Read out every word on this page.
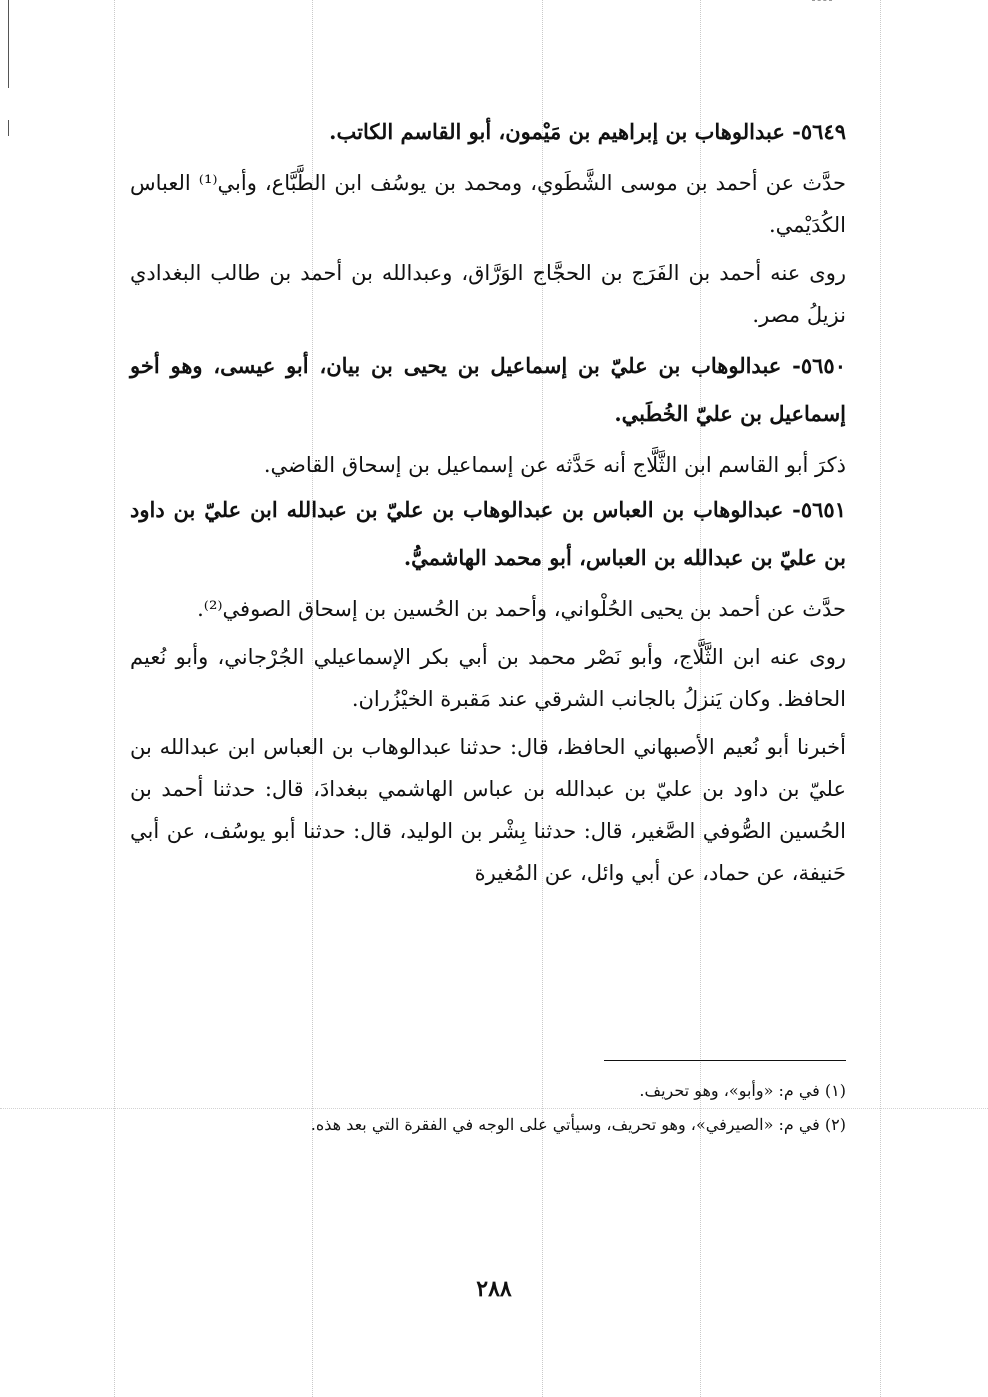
٥٦٤٩- عبدالوهاب بن إبراهيم بن مَيْمون، أبو القاسم الكاتب.

حدَّث عن أحمد بن موسى الشَّطَوي، ومحمد بن يوسُف ابن الطَّبَّاع، وأبي⁽¹⁾ العباس الكُدَيْمي.

روى عنه أحمد بن الفَرَج بن الحجَّاج الوَرَّاق، وعبدالله بن أحمد بن طالب البغدادي نزيلُ مصر.

٥٦٥٠- عبدالوهاب بن عليّ بن إسماعيل بن يحيى بن بيان، أبو عيسى، وهو أخو إسماعيل بن عليّ الخُطَبي.

ذكرَ أبو القاسم ابن الثَّلَّاج أنه حَدَّثه عن إسماعيل بن إسحاق القاضي.

٥٦٥١- عبدالوهاب بن العباس بن عبدالوهاب بن عليّ بن عبدالله ابن عليّ بن داود بن عليّ بن عبدالله بن العباس، أبو محمد الهاشميُّ.

حدَّث عن أحمد بن يحيى الحُلْواني، وأحمد بن الحُسين بن إسحاق الصوفي⁽²⁾.

روى عنه ابن الثَّلَّاج، وأبو نَصْر محمد بن أبي بكر الإسماعيلي الجُرْجاني، وأبو نُعيم الحافظ. وكان يَنزلُ بالجانب الشرقي عند مَقبرة الخيْزُران.

أخبرنا أبو نُعيم الأصبهاني الحافظ، قال: حدثنا عبدالوهاب بن العباس ابن عبدالله بن عليّ بن داود بن عليّ بن عبدالله بن عباس الهاشمي ببغدادَ، قال: حدثنا أحمد بن الحُسين الصُّوفي الصَّغير، قال: حدثنا بِشْر بن الوليد، قال: حدثنا أبو يوسُف، عن أبي حَنيفة، عن حماد، عن أبي وائل، عن المُغيرة

(١) في م: «وأبو»، وهو تحريف.

(٢) في م: «الصيرفي»، وهو تحريف، وسيأتي على الوجه في الفقرة التي بعد هذه.

٢٨٨
